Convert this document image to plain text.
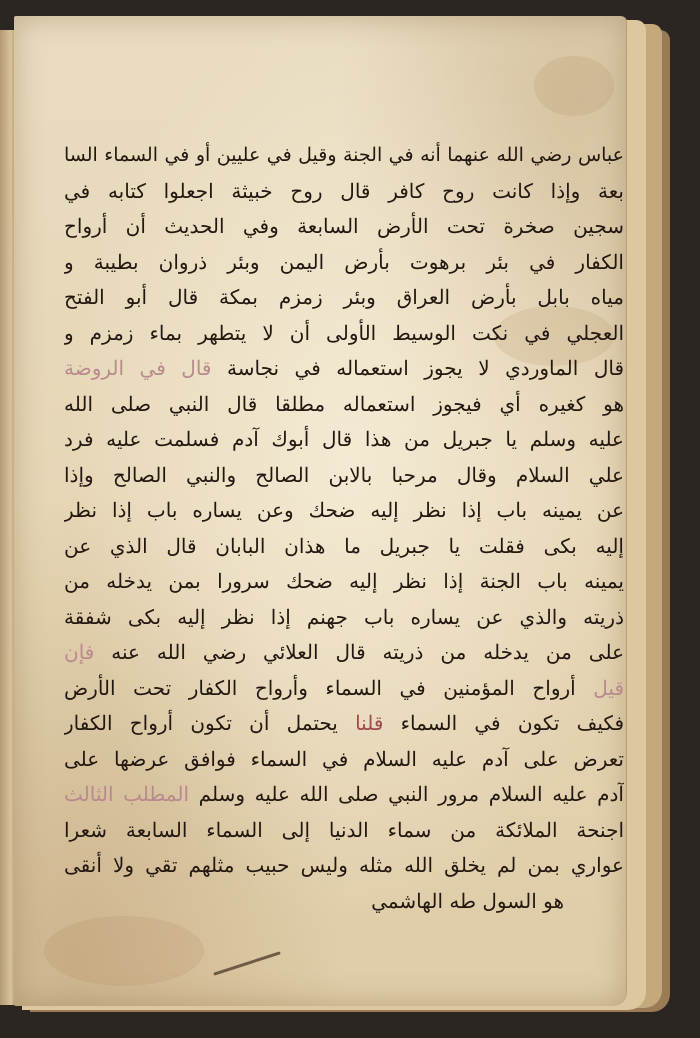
عباس رضي الله عنهما أنه في الجنة وقيل في عليين أو في السماء السا
بعة وإذا كانت روح كافر قال روح خبيثة اجعلوا كتابه في
سجين صخرة تحت الأرض السابعة وفي الحديث أن أرواح
الكفار في بئر برهوت بأرض اليمن وبئر ذروان بطيبة و
مياه بابل بأرض العراق وبئر زمزم بمكة قال أبو الفتح
العجلي في نكت الوسيط الأولى أن لا يتطهر بماء زمزم و
قال الماوردي لا يجوز استعماله في نجاسة قال في الروضة
هو كغيره أي فيجوز استعماله مطلقا قال النبي صلى الله
عليه وسلم يا جبريل من هذا قال أبوك آدم فسلمت عليه فرد
علي السلام وقال مرحبا بالابن الصالح والنبي الصالح وإذا
عن يمينه باب إذا نظر إليه ضحك وعن يساره باب إذا نظر
إليه بكى فقلت يا جبريل ما هذان البابان قال الذي عن
يمينه باب الجنة إذا نظر إليه ضحك سرورا بمن يدخله من
ذريته والذي عن يساره باب جهنم إذا نظر إليه بكى شفقة
على من يدخله من ذريته قال العلائي رضي الله عنه فإن
قيل أرواح المؤمنين في السماء وأرواح الكفار تحت الأرض
فكيف تكون في السماء قلنا يحتمل أن تكون أرواح الكفار
تعرض على آدم عليه السلام في السماء فوافق عرضها على
آدم عليه السلام مرور النبي صلى الله عليه وسلم المطلب الثالث
اجنحة الملائكة من سماء الدنيا إلى السماء السابعة شعرا
عواري بمن لم يخلق الله مثله وليس حبيب مثلهم تقي ولا أنقى
هو السول طه الهاشمي
